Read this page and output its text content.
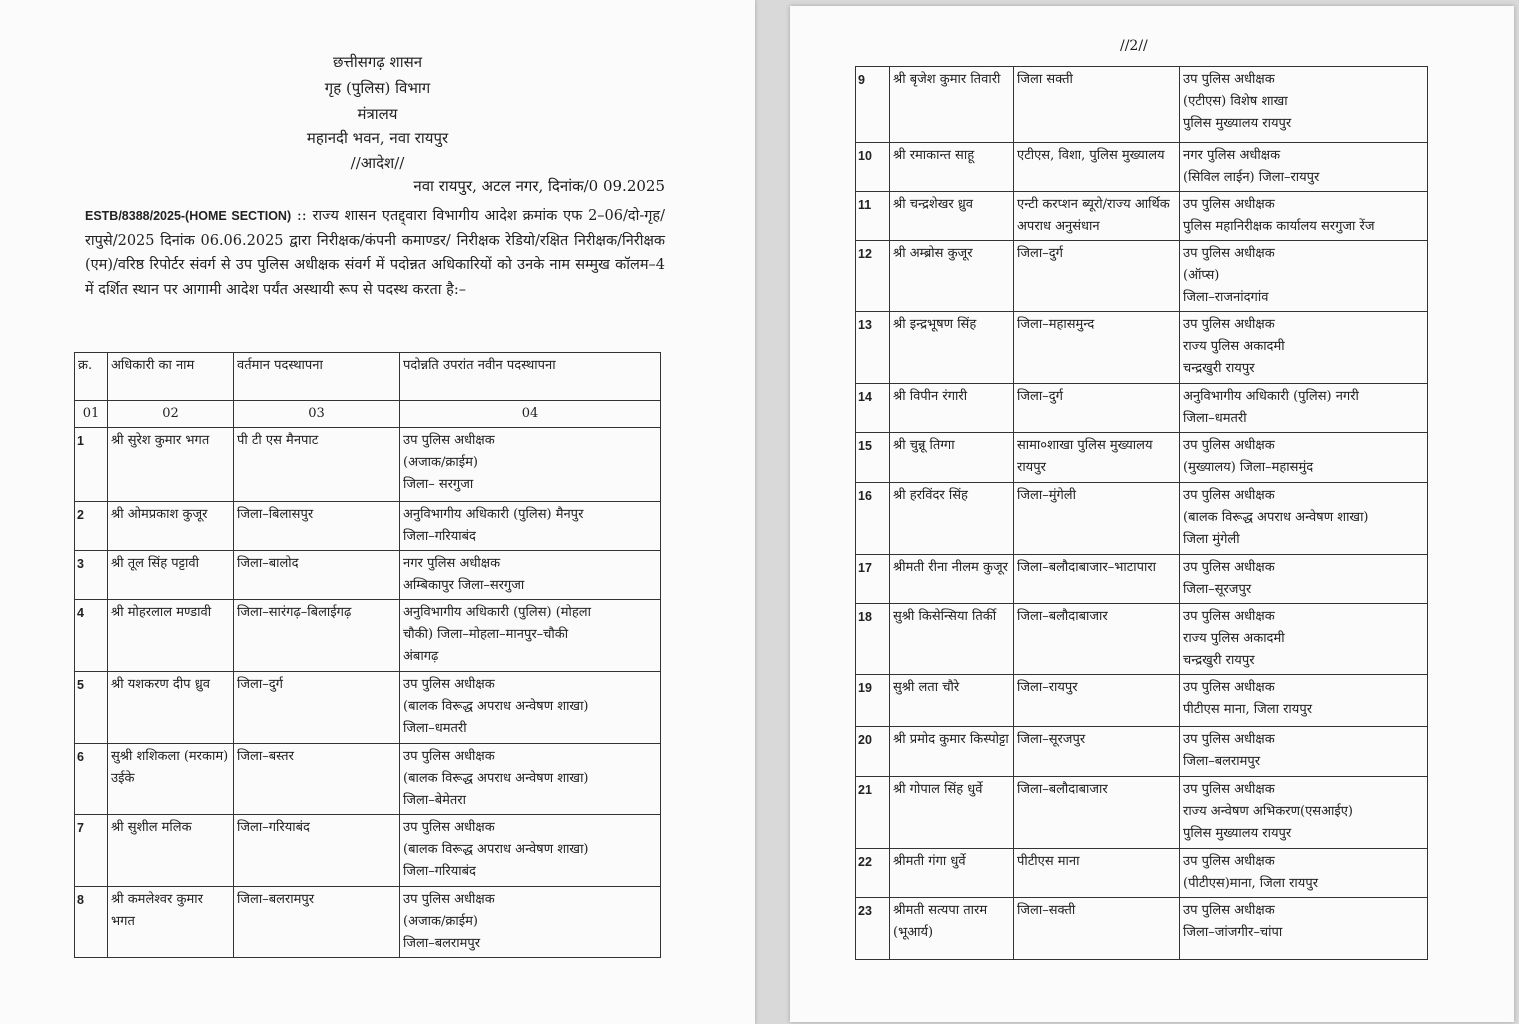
छत्तीसगढ़ शासन
गृह (पुलिस) विभाग
मंत्रालय
महानदी भवन, नवा रायपुर
//आदेश//
नवा रायपुर, अटल नगर, दिनांक/0 09.2025
ESTB/8388/2025-(HOME SECTION) :: राज्य शासन एतद्द्वारा विभागीय आदेश क्रमांक एफ 2–06/दो-गृह/रापुसे/2025 दिनांक 06.06.2025 द्वारा निरीक्षक/कंपनी कमाण्डर/ निरीक्षक रेडियो/रक्षित निरीक्षक/निरीक्षक (एम)/वरिष्ठ रिपोर्टर संवर्ग से उप पुलिस अधीक्षक संवर्ग में पदोन्नत अधिकारियों को उनके नाम सम्मुख कॉलम–4 में दर्शित स्थान पर आगामी आदेश पर्यंत अस्थायी रूप से पदस्थ करता है:–
क्र.	अधिकारी का नाम	वर्तमान पदस्थापना	पदोन्नति उपरांत नवीन पदस्थापना
01	02	03	04
1	श्री सुरेश कुमार भगत	पी टी एस मैनपाट	उप पुलिस अधीक्षक
(अजाक/क्राईम)
जिला– सरगुजा

2	श्री ओमप्रकाश कुजूर	जिला–बिलासपुर	अनुविभागीय अधिकारी (पुलिस) मैनपुर
जिला–गरियाबंद

3	श्री तूल सिंह पट्टावी	जिला–बालोद	नगर पुलिस अधीक्षक
अम्बिकापुर जिला–सरगुजा

4	श्री मोहरलाल मण्डावी	जिला–सारंगढ़–बिलाईगढ़	अनुविभागीय अधिकारी (पुलिस) (मोहला
चौकी) जिला–मोहला–मानपुर–चौकी
अंबागढ़

5	श्री यशकरण दीप ध्रुव	जिला–दुर्ग	उप पुलिस अधीक्षक
(बालक विरूद्ध अपराध अन्वेषण शाखा)
जिला–धमतरी

6	सुश्री शशिकला (मरकाम) उईके	जिला–बस्तर	उप पुलिस अधीक्षक
(बालक विरूद्ध अपराध अन्वेषण शाखा)
जिला–बेमेतरा

7	श्री सुशील मलिक	जिला–गरियाबंद	उप पुलिस अधीक्षक
(बालक विरूद्ध अपराध अन्वेषण शाखा)
जिला–गरियाबंद

8	श्री कमलेश्वर कुमार भगत	जिला–बलरामपुर	उप पुलिस अधीक्षक
(अजाक/क्राईम)
जिला–बलरामपुर
//2//
9	श्री बृजेश कुमार तिवारी	जिला सक्ती	उप पुलिस अधीक्षक
(एटीएस) विशेष शाखा
पुलिस मुख्यालय रायपुर

10	श्री रमाकान्त साहू	एटीएस, विशा, पुलिस मुख्यालय	नगर पुलिस अधीक्षक
(सिविल लाईन) जिला–रायपुर

11	श्री चन्द्रशेखर ध्रुव	एन्टी करप्शन ब्यूरो/राज्य आर्थिक अपराध अनुसंधान	उप पुलिस अधीक्षक
पुलिस महानिरीक्षक कार्यालय सरगुजा रेंज

12	श्री अम्ब्रोस कुजूर	जिला–दुर्ग	उप पुलिस अधीक्षक
(ऑप्स)
जिला–राजनांदगांव

13	श्री इन्द्रभूषण सिंह	जिला–महासमुन्द	उप पुलिस अधीक्षक
राज्य पुलिस अकादमी
चन्द्रखुरी रायपुर

14	श्री विपीन रंगारी	जिला–दुर्ग	अनुविभागीय अधिकारी (पुलिस) नगरी
जिला–धमतरी

15	श्री चुन्नू तिग्गा	सामा०शाखा पुलिस मुख्यालय रायपुर	उप पुलिस अधीक्षक
(मुख्यालय) जिला–महासमुंद

16	श्री हरविंदर सिंह	जिला–मुंगेली	उप पुलिस अधीक्षक
(बालक विरूद्ध अपराध अन्वेषण शाखा)
जिला मुंगेली

17	श्रीमती रीना नीलम कुजूर	जिला–बलौदाबाजार–भाटापारा	उप पुलिस अधीक्षक
जिला–सूरजपुर

18	सुश्री किसेन्सिया तिर्की	जिला–बलौदाबाजार	उप पुलिस अधीक्षक
राज्य पुलिस अकादमी
चन्द्रखुरी रायपुर

19	सुश्री लता चौरे	जिला–रायपुर	उप पुलिस अधीक्षक
पीटीएस माना, जिला रायपुर

20	श्री प्रमोद कुमार किस्पोट्टा	जिला–सूरजपुर	उप पुलिस अधीक्षक
जिला–बलरामपुर

21	श्री गोपाल सिंह धुर्वे	जिला–बलौदाबाजार	उप पुलिस अधीक्षक
राज्य अन्वेषण अभिकरण(एसआईए)
पुलिस मुख्यालय रायपुर

22	श्रीमती गंगा धुर्वे	पीटीएस माना	उप पुलिस अधीक्षक
(पीटीएस)माना, जिला रायपुर

23	श्रीमती सत्यपा तारम (भूआर्य)	जिला–सक्ती	उप पुलिस अधीक्षक
जिला–जांजगीर–चांपा
